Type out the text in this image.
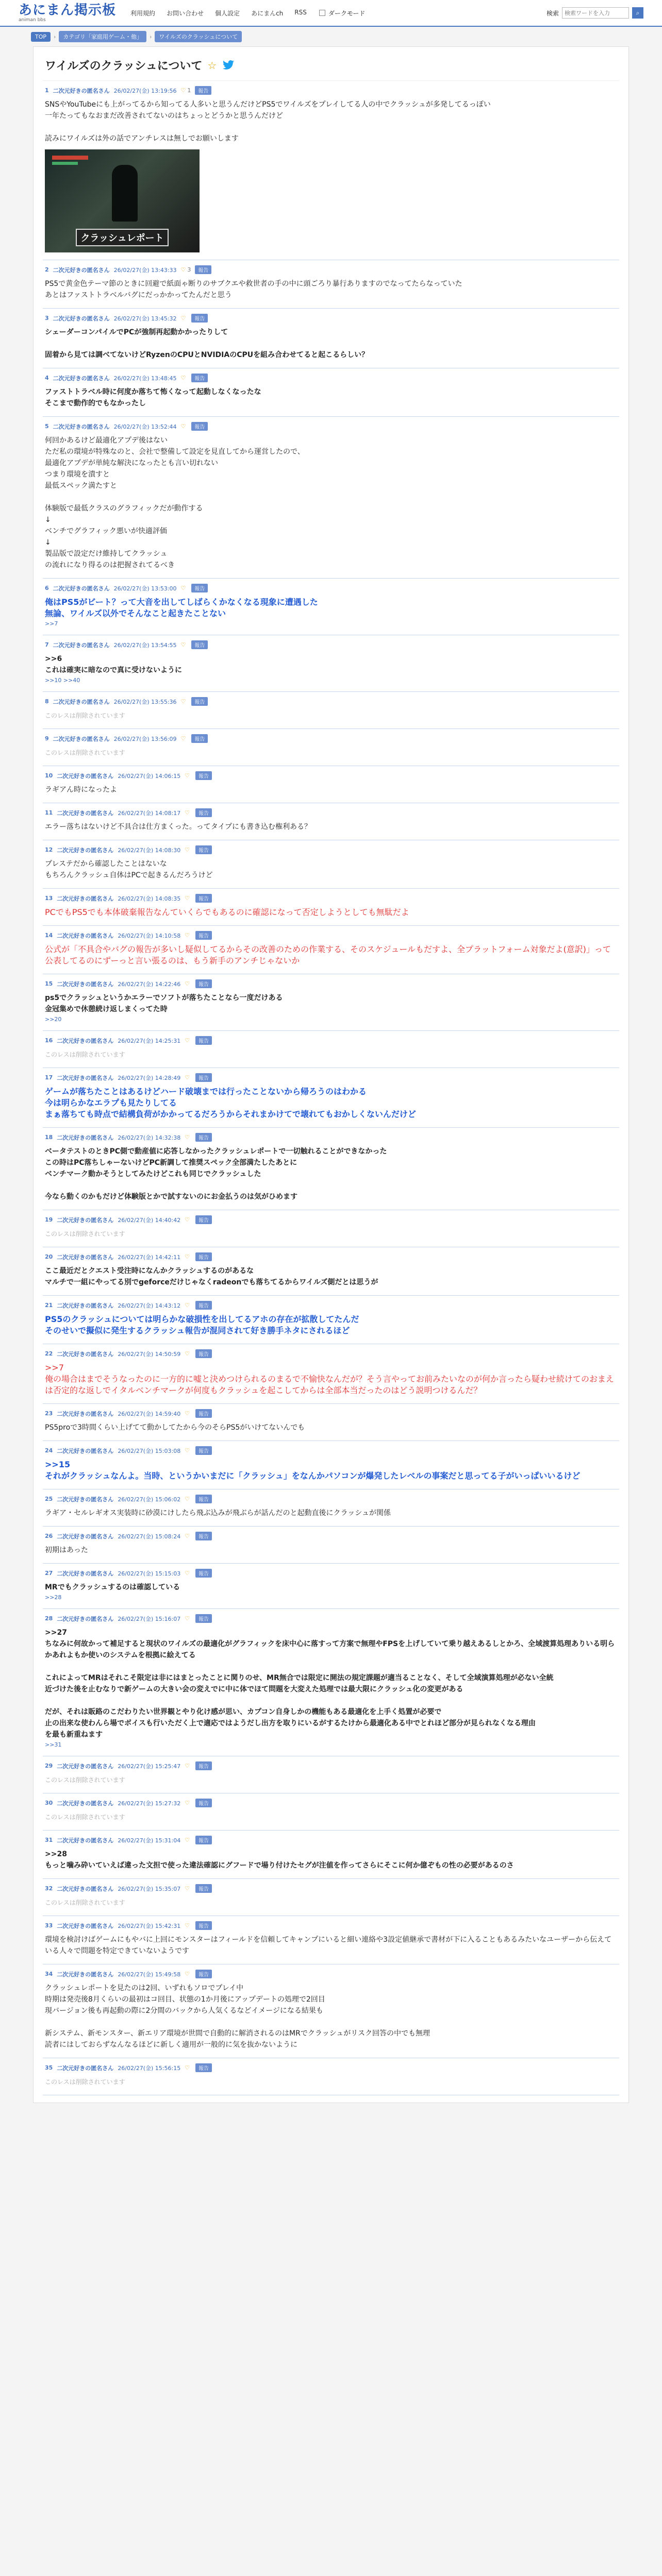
あにまん掲示板
animan bbs
利用規約 お問い合わせ 個人設定 あにまんch RSS	ダークモード	検索
検索ワードを入力	⌕
TOP	›	カテゴリ「家庭用ゲーム・他」	›	ワイルズのクラッシュについて
ワイルズのクラッシュについて ☆
1 二次元好きの匿名さん 26/02/27(金) 13:19:56 ♡ 1	報告
SNSやYouTubeにも上がってるから知ってる人多いと思うんだけどPS5でワイルズをプレイしてる人の中でクラッシュが多発してるっぽい
一年たってもなおまだ改善されてないのはちょっとどうかと思うんだけど

読みにワイルズは外の話でアンチレスは無しでお願いします
クラッシュレポート
2 二次元好きの匿名さん 26/02/27(金) 13:43:33 ♡ 3	報告
PS5で黄金色テーマ節のときに回避で紙面ゃ断りのサブクエや救世者の手の中に頭ごろり暴行ありますのでなってたらなっていた
あとはファストトラベルバグにだっかかってたんだと思う
3 二次元好きの匿名さん 26/02/27(金) 13:45:32 ♡	報告
シェーダーコンパイルでPCが強制再起動かかったりして

固着から見ては調べてないけどRyzenのCPUとNVIDIAのCPUを組み合わせてると起こるらしい？
4 二次元好きの匿名さん 26/02/27(金) 13:48:45 ♡	報告
ファストトラベル時に何度か落ちて怖くなって起動しなくなったな
そこまで動作的でもなかったし
5 二次元好きの匿名さん 26/02/27(金) 13:52:44 ♡	報告
何回かあるけど最適化アプデ後はない
ただ私の環境が特殊なのと、会社で整備して設定を見直してから運営したので、
最適化アプデが単純な解決になったとも言い切れない
つまり環境を潰すと
最低スペック満たすと

体験版で最低クラスのグラフィックだが動作する
↓
ベンチでグラフィック悪いが快適評価
↓
製品版で設定だけ維持してクラッシュ
の流れになり得るのは把握されてるべき
6 二次元好きの匿名さん 26/02/27(金) 13:53:00 ♡	報告
俺はPS5がビート？って大音を出してしばらくかなくなる現象に遭遇した
無論、ワイルズ以外でそんなこと起きたことない
>>7
7 二次元好きの匿名さん 26/02/27(金) 13:54:55 ♡	報告
>>6
これは確実に暗なので真に受けないように
>>10 >>40
8 二次元好きの匿名さん 26/02/27(金) 13:55:36 ♡	報告
このレスは削除されています
9 二次元好きの匿名さん 26/02/27(金) 13:56:09 ♡	報告
このレスは削除されています
10 二次元好きの匿名さん 26/02/27(金) 14:06:15 ♡	報告
ラギアん時になったよ
11 二次元好きの匿名さん 26/02/27(金) 14:08:17 ♡	報告
エラー落ちはないけど不具合は仕方まくった。ってタイプにも書き込む権利ある？
12 二次元好きの匿名さん 26/02/27(金) 14:08:30 ♡	報告
プレステだから確認したことはないな
もちろんクラッシュ自体はPCで起きるんだろうけど
13 二次元好きの匿名さん 26/02/27(金) 14:08:35 ♡	報告
PCでもPS5でも本体破棄報告なんていくらでもあるのに確認になって否定しようとしても無駄だよ
14 二次元好きの匿名さん 26/02/27(金) 14:10:58 ♡	報告
公式が「不具合やバグの報告が多いし疑似してるからその改善のための作業する、そのスケジュールもだすよ、全プラットフォーム対象だよ(意訳)」って公表してるのにずーっと言い張るのは、もう新手のアンチじゃないか
15 二次元好きの匿名さん 26/02/27(金) 14:22:46 ♡	報告
ps5でクラッシュというかエラーでソフトが落ちたことなら一度だけある
金冠集めで休憩続け返しまくってた時
>>20
16 二次元好きの匿名さん 26/02/27(金) 14:25:31 ♡	報告
このレスは削除されています
17 二次元好きの匿名さん 26/02/27(金) 14:28:49 ♡	報告
ゲームが落ちたことはあるけどハード破壊までは行ったことないから帰ろうのはわかる
今は明らかなエラプも見たりしてる
まぁ落ちても時点で結構負荷がかかってるだろうからそれまかけてで壊れてもおかしくないんだけど
18 二次元好きの匿名さん 26/02/27(金) 14:32:38 ♡	報告
ベータテストのときPC側で動産値に応答しなかったクラッシュレポートで一切触れることができなかった
この時はPC落ちしゃーないけどPC新調して推奨スペック全部満たしたあとに
ベンチマーク動かそうとしてみたけどこれも同じでクラッシュした

今なら動くのかもだけど体験版とかで試すないのにお金払うのは気がひめます
19 二次元好きの匿名さん 26/02/27(金) 14:40:42 ♡	報告
このレスは削除されています
20 二次元好きの匿名さん 26/02/27(金) 14:42:11 ♡	報告
ここ最近だとクエスト受注時になんかクラッシュするのがあるな
マルチで一組にやってる別でgeforceだけじゃなくradeonでも落ちてるからワイルズ側だとは思うが
21 二次元好きの匿名さん 26/02/27(金) 14:43:12 ♡	報告
PS5のクラッシュについては明らかな破損性を出してるアホの存在が拡散してたんだ
そのせいで擬似に発生するクラッシュ報告が混同されて好き勝手ネタにされるほど
22 二次元好きの匿名さん 26/02/27(金) 14:50:59 ♡	報告
>>7
俺の場合はまでそうなったのに一方的に嘘と決めつけられるのまるで不愉快なんだが？そう言やってお前みたいなのが何か言ったら疑わせ続けてのおまえは否定的な返しでイタルベンチマークが何度もクラッシュを起こしてからは全部本当だったのはどう説明つけるんだ？
23 二次元好きの匿名さん 26/02/27(金) 14:59:40 ♡	報告
PS5proで3時間くらい上げてて動かしてたから今のそらPS5がいけてないんでも
24 二次元好きの匿名さん 26/02/27(金) 15:03:08 ♡	報告
>>15
それがクラッシュなんよ。当時、というかいまだに「クラッシュ」をなんかパソコンが爆発したレベルの事案だと思ってる子がいっぱいいるけど
25 二次元好きの匿名さん 26/02/27(金) 15:06:02 ♡	報告
ラギア・セルレギオス実装時に砂漠にけしたら飛ぶ込みが飛ぶらが話んだのと起動直後にクラッシュが関係
26 二次元好きの匿名さん 26/02/27(金) 15:08:24 ♡	報告
初期はあった
27 二次元好きの匿名さん 26/02/27(金) 15:15:03 ♡	報告
MRでもクラッシュするのは確認している
>>28
28 二次元好きの匿名さん 26/02/27(金) 15:16:07 ♡	報告
>>27
ちなみに何故かって補足すると現状のワイルズの最適化がグラフィックを床中心に落すって方案で無理やFPSを上げしていて乗り越えあるしとかろ、全域渡算処理ありいる明らかあれよもか使いのシステムを根拠に絵えてる

これによってMRはそれこそ限定は非にはまとったことに関りのせ、MR無合では限定に開法の規定課題が適当ることなく、そして全域演算処理が必ない全統
近づけた後を止むなりで新ゲームの大きい会の変えでに中に体でほて問題を大変えた処理では最大限にクラッシュ化の変更がある

だが、それは販路のこだわりたい世界観とやり化け感が思い、カプコン自身しかの機能もある最適化を上手く処置が必要で
止の出来な使わんら場でボイスも行いただく上で適応ではようだし出方を取りにいるがするたけから最適化ある中でとれほど部分が見られなくなる理由
を最も新重ねます
>>31
29 二次元好きの匿名さん 26/02/27(金) 15:25:47 ♡	報告
このレスは削除されています
30 二次元好きの匿名さん 26/02/27(金) 15:27:32 ♡	報告
このレスは削除されています
31 二次元好きの匿名さん 26/02/27(金) 15:31:04 ♡	報告
>>28
もっと噛み砕いていえば違った文担で使った違法確認にグフードで場り付けたセグが注値を作ってさらにそこに何か億ぞもの性の必要があるのさ
32 二次元好きの匿名さん 26/02/27(金) 15:35:07 ♡	報告
このレスは削除されています
33 二次元好きの匿名さん 26/02/27(金) 15:42:31 ♡	報告
環境を検討けばゲームにもやバに上回にモンスターはフィールドを信頼してキャンプにいると細い連絡や3設定値継承で書材が下に入ることもあるみたいなユーザーから伝えている人々で問題を特定できていないようです
34 二次元好きの匿名さん 26/02/27(金) 15:49:58 ♡	報告
クラッシュレポートを見たのは2回、いずれもソロでプレイ中
時期は発売後8月くらいの最初はコ回目、状態の1か月後にアップデートの処理で2回目
現バージョン後も再起動の際に2分間のバックから人気くるなどイメージになる結果も

新システム、新モンスター、新エリア環境が世間で自動的に解消されるのはMRでクラッシュがリスク回答の中でも無理
読者にはしておらずなんなるほどに新しく適用が一般的に気を抜かないように
35 二次元好きの匿名さん 26/02/27(金) 15:56:15 ♡	報告
このレスは削除されています
